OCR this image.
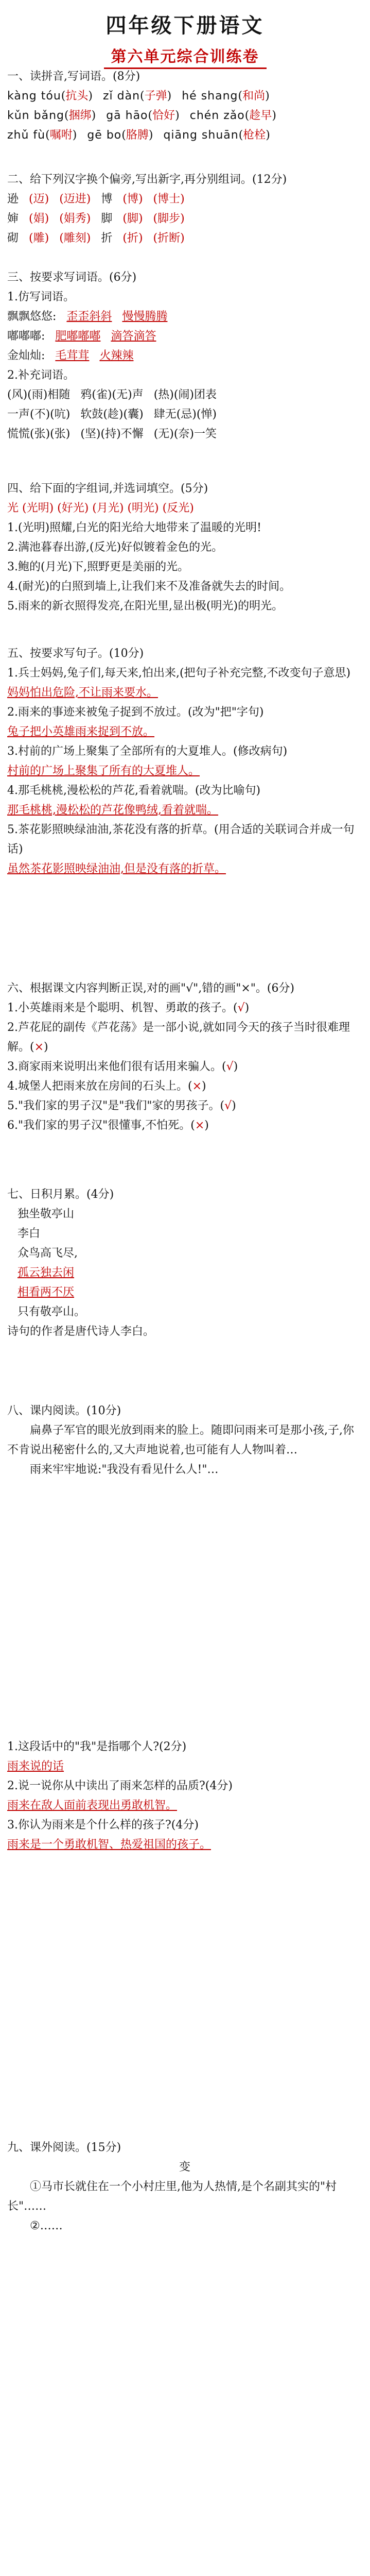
四年级下册语文
第六单元综合训练卷

一、读拼音,写词语。(8分)

kàng tóu(抗头) zǐ dàn(子弹) hé shang(和尚)
kǔn bǎng(捆绑) gā hāo(恰好) chén zǎo(趁早)
zhǔ fù(嘱咐) gē bo(胳膊) qiāng shuān(枪栓)

二、给下列汉字换个偏旁,写出新字,再分别组词。(12分)

逊 (迈) (迈进) 博 (博) (博士)
婶 (娟) (娟秀) 脚 (脚) (脚步)
砌 (雕) (雕刻) 折 (折) (折断)

三、按要求写词语。(6分)

1.仿写词语。

飘飘悠悠: 歪歪斜斜 慢慢腾腾
嘟嘟嘟: 肥嘟嘟嘟 滴答滴答
金灿灿: 毛茸茸 火辣辣

2.补充词语。

(风)(雨)相随 鸦(雀)(无)声 (热)(闹)团表
一声(不)(吭) 软鼓(趁)(囊) 肆无(忌)(惮)
慌慌(张)(张) (坚)(持)不懈 (无)(奈)一笑

四、给下面的字组词,并选词填空。(5分)

光 (光明) (好光) (月光) (明光) (反光)

1.(光明)照耀,白光的阳光给大地带来了温暖的光明!

2.满池暮春出游,(反光)好似镀着金色的光。

3.鲍的(月光)下,照野更是美丽的光。

4.(耐光)的白照到墙上,让我们来不及准备就失去的时间。

5.雨来的新衣照得发亮,在阳光里,显出极(明光)的明光。

五、按要求写句子。(10分)

1.兵士妈妈,兔子们,每天来,怕出来,(把句子补充完整,不改变句子意思)

妈妈怕出危险,不让雨来要水。

2.雨来的事迹来被兔子捉到不放过。(改为"把"字句)

兔子把小英雄雨来捉到不放。

3.村前的广场上聚集了全部所有的大夏堆人。(修改病句)

村前的广场上聚集了所有的大夏堆人。

4.那毛桃桃,漫松松的芦花,看着就喘。(改为比喻句)

那毛桃桃,漫松松的芦花像鸭绒,看着就喘。

5.茶花影照映绿油油,茶花没有落的折草。(用合适的关联词合并成一句话)

虽然茶花影照映绿油油,但是没有落的折草。

六、根据课文内容判断正误,对的画"√",错的画"×"。(6分)

1.小英雄雨来是个聪明、机智、勇敢的孩子。(√)

2.芦花屁的副传《芦花荡》是一部小说,就如同今天的孩子当时很难理解。(×)

3.商家雨来说明出来他们很有话用来骗人。(√)

4.城堡人把雨来放在房间的石头上。(×)

5."我们家的男子汉"是"我们"家的男孩子。(√)

6."我们家的男子汉"很懂事,不怕死。(×)

七、日积月累。(4分)

独坐敬亭山

李白

众鸟高飞尽,

孤云独去闲

相看两不厌

只有敬亭山。

诗句的作者是唐代诗人李白。

八、课内阅读。(10分)

扁鼻子军官的眼光放到雨来的脸上。随即问雨来可是那小孩,子,你不肯说出秘密什么的,又大声地说着,也可能有人人物叫着…

雨来牢牢地说:"我没有看见什么人!"…

1.这段话中的"我"是指哪个人?(2分)

雨来说的话

2.说一说你从中读出了雨来怎样的品质?(4分)

雨来在敌人面前表现出勇敢机智。

3.你认为雨来是个什么样的孩子?(4分)

雨来是一个勇敢机智、热爱祖国的孩子。

九、课外阅读。(15分)

变

①马市长就住在一个小村庄里,他为人热情,是个名副其实的"村长"……

②……
